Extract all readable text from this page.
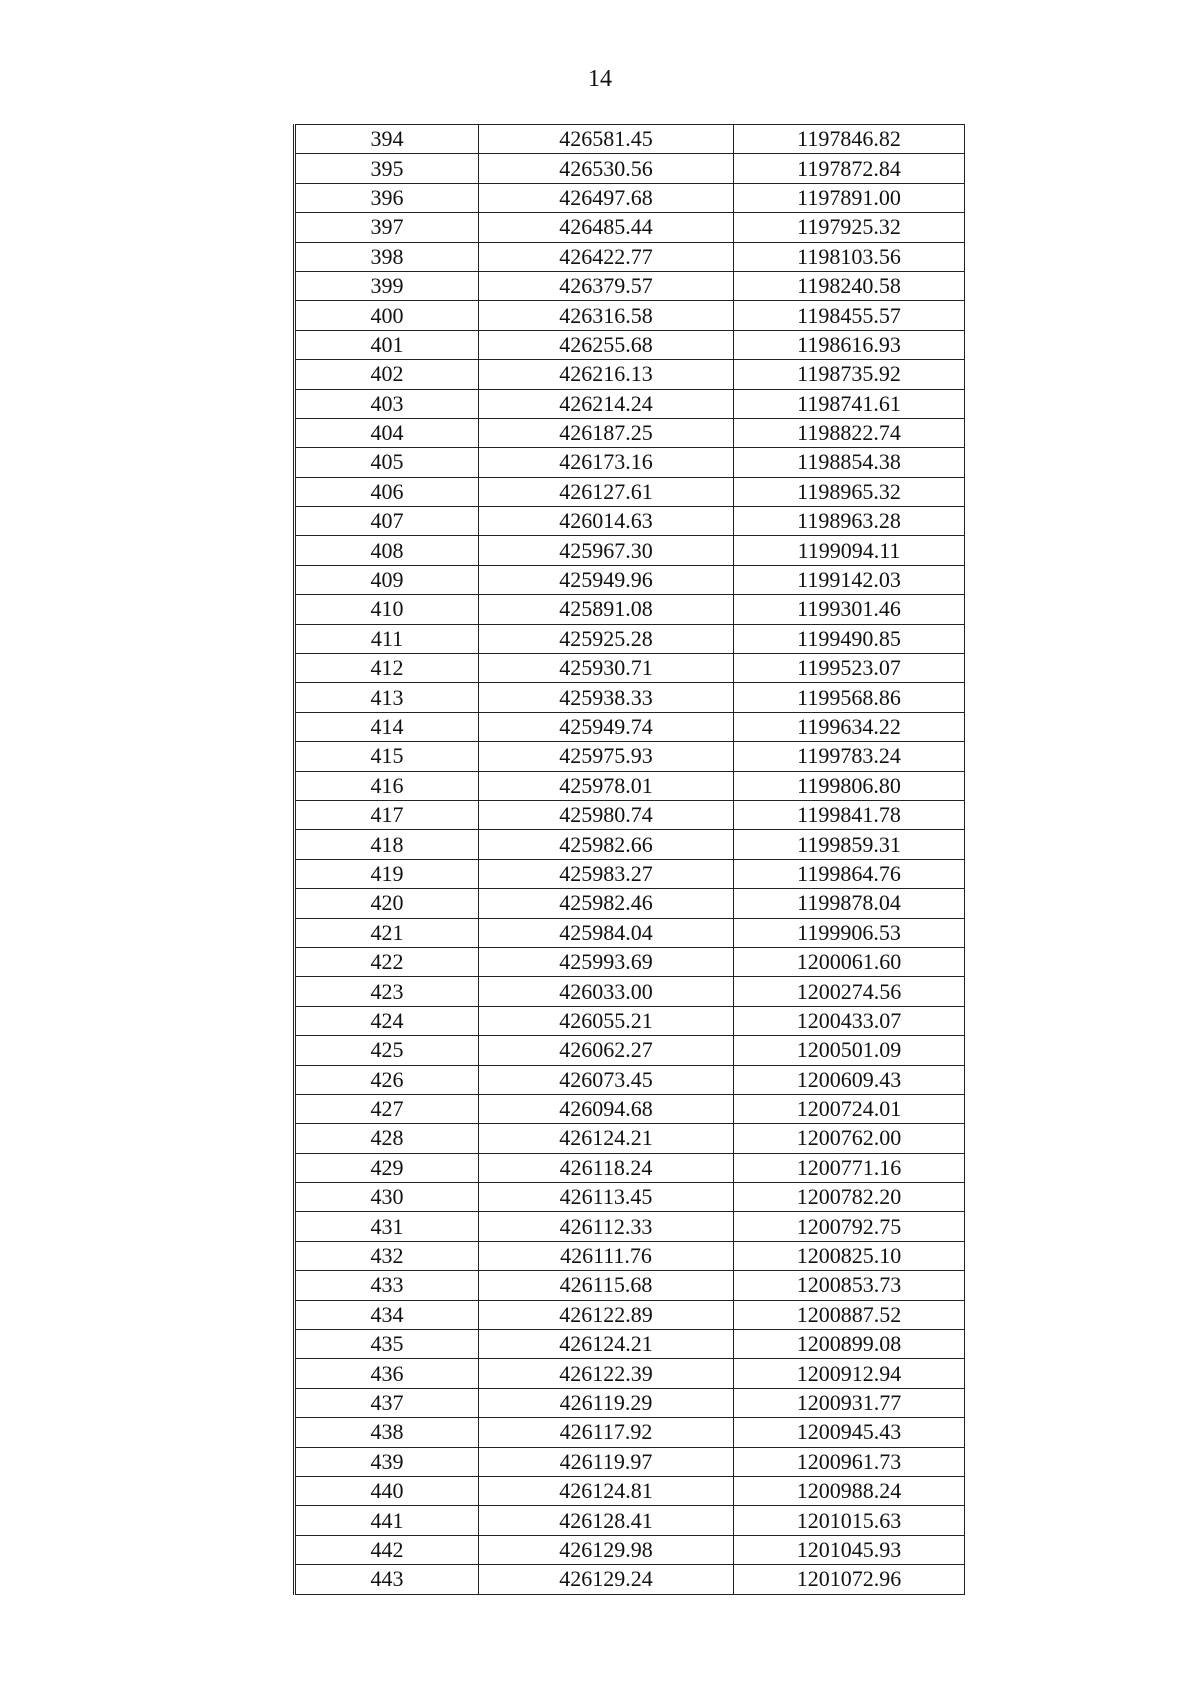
14
394	426581.45	1197846.82
395	426530.56	1197872.84
396	426497.68	1197891.00
397	426485.44	1197925.32
398	426422.77	1198103.56
399	426379.57	1198240.58
400	426316.58	1198455.57
401	426255.68	1198616.93
402	426216.13	1198735.92
403	426214.24	1198741.61
404	426187.25	1198822.74
405	426173.16	1198854.38
406	426127.61	1198965.32
407	426014.63	1198963.28
408	425967.30	1199094.11
409	425949.96	1199142.03
410	425891.08	1199301.46
411	425925.28	1199490.85
412	425930.71	1199523.07
413	425938.33	1199568.86
414	425949.74	1199634.22
415	425975.93	1199783.24
416	425978.01	1199806.80
417	425980.74	1199841.78
418	425982.66	1199859.31
419	425983.27	1199864.76
420	425982.46	1199878.04
421	425984.04	1199906.53
422	425993.69	1200061.60
423	426033.00	1200274.56
424	426055.21	1200433.07
425	426062.27	1200501.09
426	426073.45	1200609.43
427	426094.68	1200724.01
428	426124.21	1200762.00
429	426118.24	1200771.16
430	426113.45	1200782.20
431	426112.33	1200792.75
432	426111.76	1200825.10
433	426115.68	1200853.73
434	426122.89	1200887.52
435	426124.21	1200899.08
436	426122.39	1200912.94
437	426119.29	1200931.77
438	426117.92	1200945.43
439	426119.97	1200961.73
440	426124.81	1200988.24
441	426128.41	1201015.63
442	426129.98	1201045.93
443	426129.24	1201072.96
